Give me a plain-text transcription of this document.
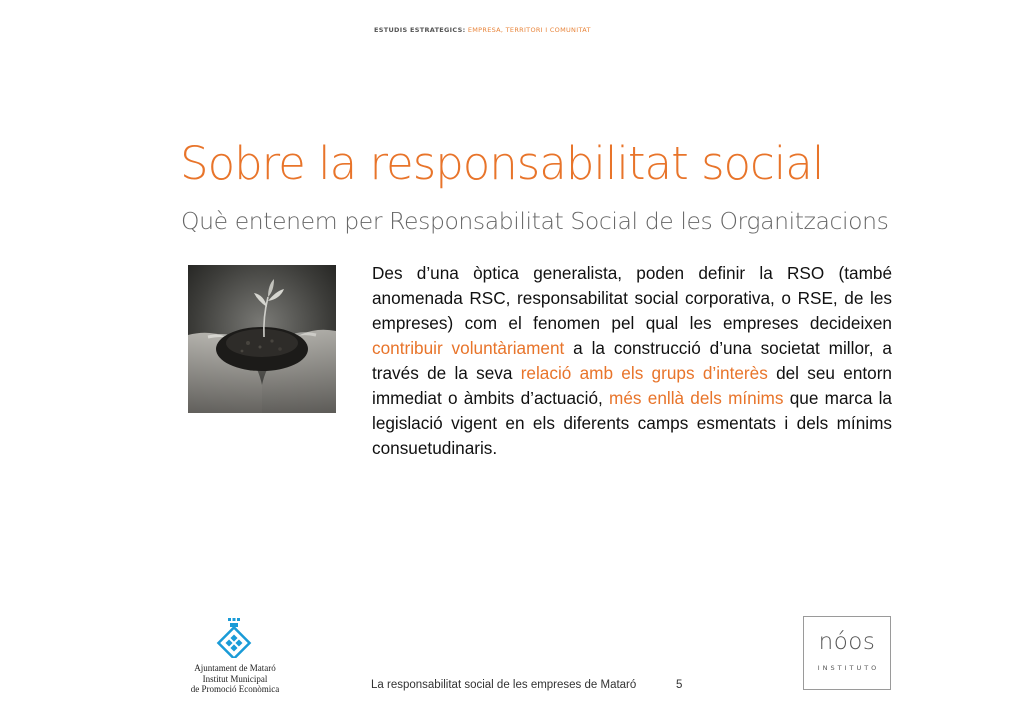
ESTUDIS ESTRATEGICS: EMPRESA, TERRITORI I COMUNITAT
Sobre la responsabilitat social
Què entenem per Responsabilitat Social de les Organitzacions
Des d’una òptica generalista, poden definir la RSO (també anomenada RSC, responsabilitat social corporativa, o RSE, de les empreses) com el fenomen pel qual les empreses decideixen contribuir voluntàriament a la construcció d’una societat millor, a través de la seva relació amb els grups d’interès del seu entorn immediat o àmbits d’actuació, més enllà dels mínims que marca la legislació vigent en els diferents camps esmentats i dels mínims consuetudinaris.
Ajuntament de Mataró
Institut Municipal
de Promoció Econòmica	La responsabilitat social de les empreses de Mataró	5
nóos
INSTITUTO
